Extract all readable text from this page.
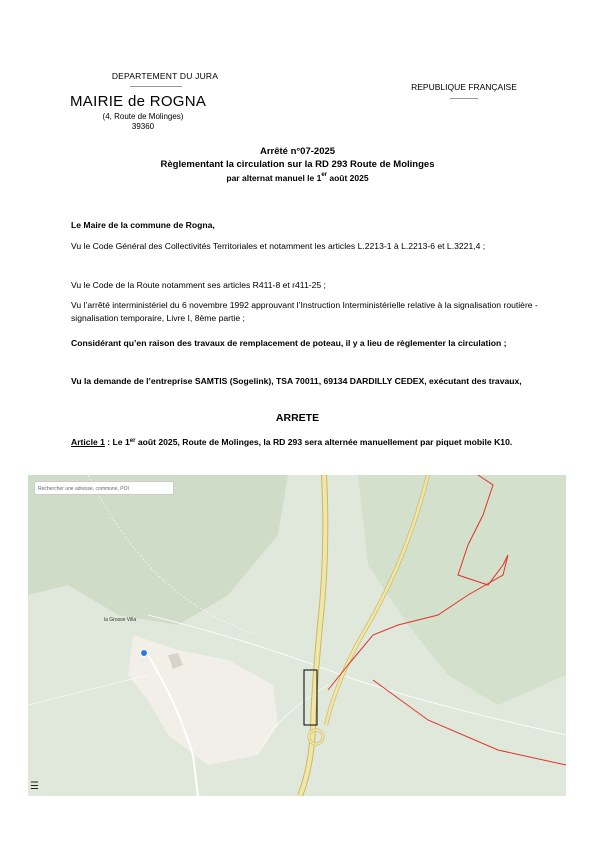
DEPARTEMENT DU JURA
MAIRIE de ROGNA
(4, Route de Molinges)
39360
REPUBLIQUE FRANÇAISE
Arrêté n°07-2025
Règlementant la circulation sur la RD 293 Route de Molinges
par alternat manuel le 1er août 2025
Le Maire de la commune de Rogna,
Vu le Code Général des Collectivités Territoriales et notamment les articles L.2213-1 à L.2213-6 et L.3221,4 ;
Vu le Code de la Route notamment ses articles R411-8 et r411-25 ;
Vu l’arrêté interministériel du 6 novembre 1992 approuvant l’Instruction Interministérielle relative à la signalisation routière - signalisation temporaire, Livre I, 8ème partie ;
Considérant qu’en raison des travaux de remplacement de poteau, il y a lieu de règlementer la circulation ;
Vu la demande de l’entreprise SAMTIS (Sogelink), TSA 70011, 69134 DARDILLY CEDEX, exécutant des travaux,
ARRETE
Article 1 : Le 1er août 2025, Route de Molinges, la RD 293 sera alternée manuellement par piquet mobile K10.
Rechercher une adresse, commune, POI
la Grosse Villa
☰
